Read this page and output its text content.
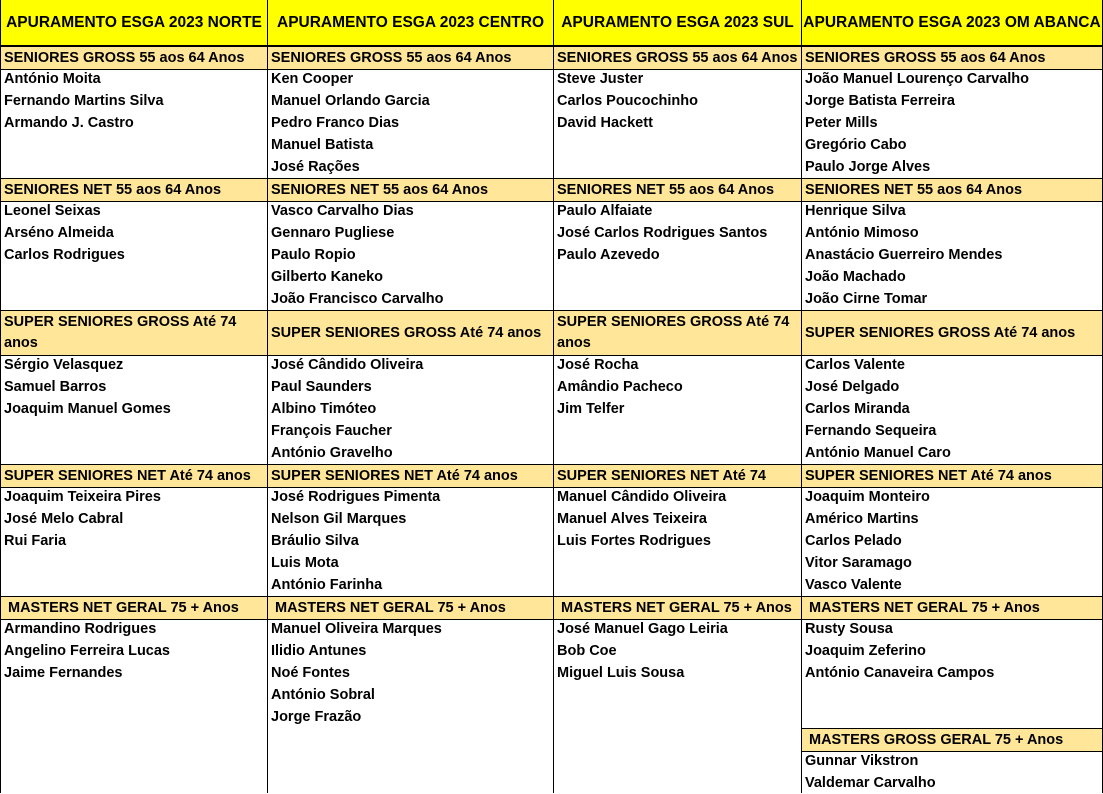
APURAMENTO ESGA 2023 NORTE
SENIORES GROSS 55 aos 64 Anos
António Moita
Fernando Martins Silva
Armando J. Castro
SENIORES NET 55 aos 64 Anos
Leonel Seixas
Arséno Almeida
Carlos Rodrigues
SUPER SENIORES GROSS Até 74 anos
Sérgio Velasquez
Samuel Barros
Joaquim Manuel Gomes
SUPER SENIORES NET Até 74 anos
Joaquim Teixeira Pires
José Melo Cabral
Rui Faria
MASTERS NET GERAL 75 + Anos
Armandino Rodrigues
Angelino Ferreira Lucas
Jaime Fernandes
APURAMENTO ESGA 2023 CENTRO
SENIORES GROSS 55 aos 64 Anos
Ken Cooper
Manuel Orlando Garcia
Pedro Franco Dias
Manuel Batista
José Rações
SENIORES NET 55 aos 64 Anos
Vasco Carvalho Dias
Gennaro Pugliese
Paulo Ropio
Gilberto Kaneko
João Francisco Carvalho
SUPER SENIORES GROSS Até 74 anos
José Cândido Oliveira
Paul Saunders
Albino Timóteo
François Faucher
António Gravelho
SUPER SENIORES NET Até 74 anos
José Rodrigues Pimenta
Nelson Gil Marques
Bráulio Silva
Luis Mota
António Farinha
MASTERS NET GERAL 75 + Anos
Manuel Oliveira Marques
Ilidio Antunes
Noé Fontes
António Sobral
Jorge Frazão
APURAMENTO ESGA 2023 SUL
SENIORES GROSS 55 aos 64 Anos
Steve Juster
Carlos Poucochinho
David Hackett
SENIORES NET 55 aos 64 Anos
Paulo Alfaiate
José Carlos Rodrigues Santos
Paulo Azevedo
SUPER SENIORES GROSS Até 74 anos
José Rocha
Amândio Pacheco
Jim Telfer
SUPER SENIORES NET Até 74
Manuel Cândido Oliveira
Manuel Alves Teixeira
Luis Fortes Rodrigues
MASTERS NET GERAL 75 + Anos
José Manuel Gago Leiria
Bob Coe
Miguel Luis Sousa
APURAMENTO ESGA 2023 OM ABANCA
SENIORES GROSS 55 aos 64 Anos
João Manuel Lourenço Carvalho
Jorge Batista Ferreira
Peter Mills
Gregório Cabo
Paulo Jorge Alves
SENIORES NET 55 aos 64 Anos
Henrique Silva
António Mimoso
Anastácio Guerreiro Mendes
João Machado
João Cirne Tomar
SUPER SENIORES GROSS Até 74 anos
Carlos Valente
José Delgado
Carlos Miranda
Fernando Sequeira
António Manuel Caro
SUPER SENIORES NET Até 74 anos
Joaquim Monteiro
Américo Martins
Carlos Pelado
Vitor Saramago
Vasco Valente
MASTERS NET GERAL 75 + Anos
Rusty Sousa
Joaquim Zeferino
António Canaveira Campos
MASTERS GROSS GERAL 75 + Anos
Gunnar Vikstron
Valdemar Carvalho
